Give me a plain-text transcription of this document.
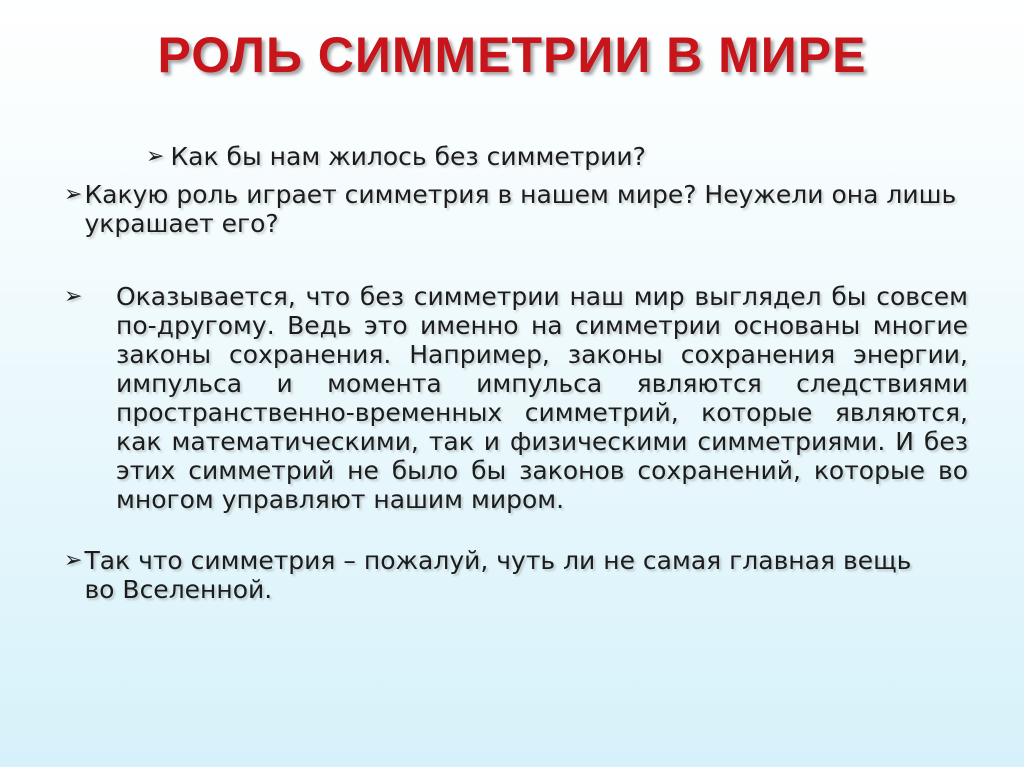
РОЛЬ СИММЕТРИИ В МИРЕ
➢ Как бы нам жилось без симметрии?
➢ Какую роль играет симметрия в нашем мире? Неужели она лишь украшает его?
➢	Оказывается, что без симметрии наш мир выглядел бы совсем по-другому. Ведь это именно на симметрии основаны многие законы сохранения. Например, законы сохранения энергии, импульса и момента импульса являются следствиями пространственно-временных симметрий, которые являются, как математическими, так и физическими симметриями. И без этих симметрий не было бы законов сохранений, которые во многом управляют нашим миром.
➢ Так что симметрия – пожалуй, чуть ли не самая главная вещь во Вселенной.
